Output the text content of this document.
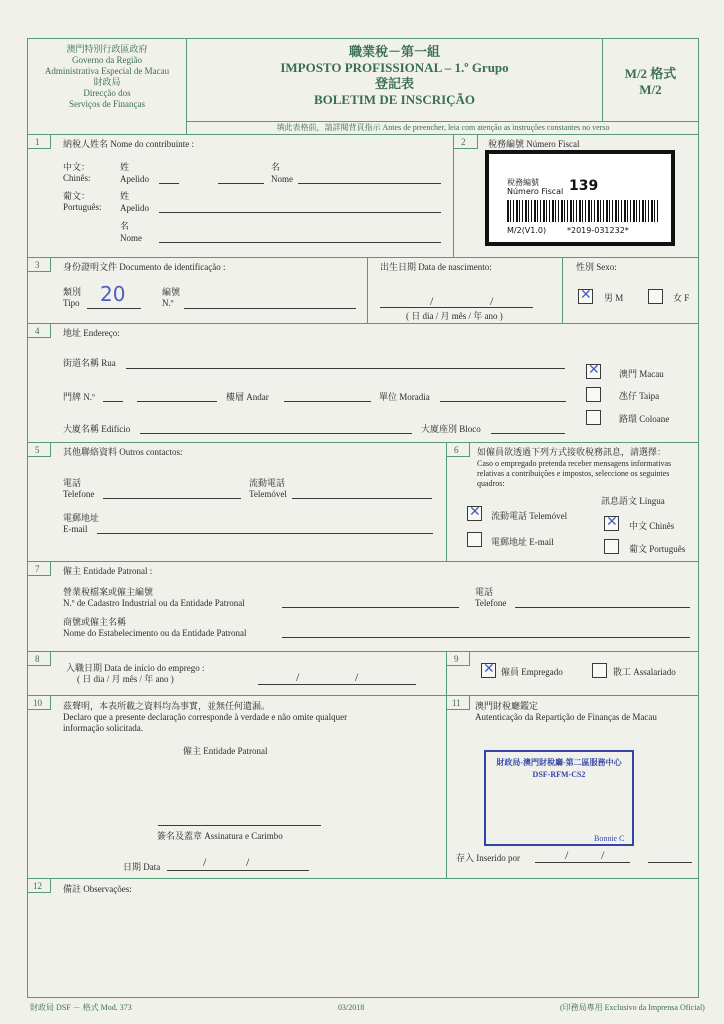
澳門特別行政區政府
Governo da Região
Administrativa Especial de Macau
財政局
Direcção dos
Serviços de Finanças
職業稅－第一組
IMPOSTO PROFISSIONAL – 1.º Grupo
登記表
BOLETIM DE INSCRIÇÃO
M/2 格式
M/2
填此表格前，請詳閱背頁指示 Antes de preencher, leia com atenção as instruções constantes no verso
1	納稅人姓名 Nome do contribuinte :
中文：
Chinês:
姓
Apelido
名
Nome
葡文：
Português:
姓
Apelido
名
Nome
2	稅務編號 Número Fiscal
稅務編號
Número Fiscal 139
M/2(V1.0)	*2019-031232*
3	身份證明文件 Documento de identificação :
類別
Tipo 20	編號
N.º
出生日期 Data de nascimento:
/	/
( 日 dia / 月 mês / 年 ano )
性別 Sexo:
✕ 男 M	女 F
4	地址 Endereço:
街道名稱 Rua
門牌 N.º	樓層 Andar	單位 Moradia
大廈名稱 Edifício	大廈座別 Bloco
✕ 澳門 Macau
氹仔 Taipa
路環 Coloane
5	其他聯絡資料 Outros contactos:
電話
Telefone
流動電話
Telemóvel
電郵地址
E-mail
6 如僱員欲透過下列方式接收稅務訊息，請選擇：
Caso o empregado pretenda receber mensagens informativas
relativas a contribuições e impostos, seleccione os seguintes
quadros:
✕ 流動電話 Telemóvel
電郵地址 E-mail
訊息語文 Língua
✕ 中文 Chinês
葡文 Português
7	僱主 Entidade Patronal :
營業稅檔案或僱主編號
N.º de Cadastro Industrial ou da Entidade Patronal
電話
Telefone
商號或僱主名稱
Nome do Estabelecimento ou da Entidade Patronal
8
入職日期 Data de início do emprego :
( 日 dia / 月 mês / 年 ano )	/	/
9
✕ 僱員 Empregado	散工 Assalariado
10 茲聲明，本表所載之資料均為事實，並無任何遺漏。
Declaro que a presente declaração corresponde à verdade e não omite qualquer
informação solicitada.
僱主 Entidade Patronal
簽名及蓋章 Assinatura e Carimbo
日期 Data	/	/
11 澳門財稅廳鑑定
Autenticação da Repartição de Finanças de Macau
財政局-澳門財稅廳-第二區服務中心
DSF-RFM-CS2
Bonnie C
存入 Inserido por	/	/
12 備註 Observações:
財政局 DSF － 格式 Mod. 373	03/2018	(印務局專用 Exclusivo da Imprensa Oficial)
